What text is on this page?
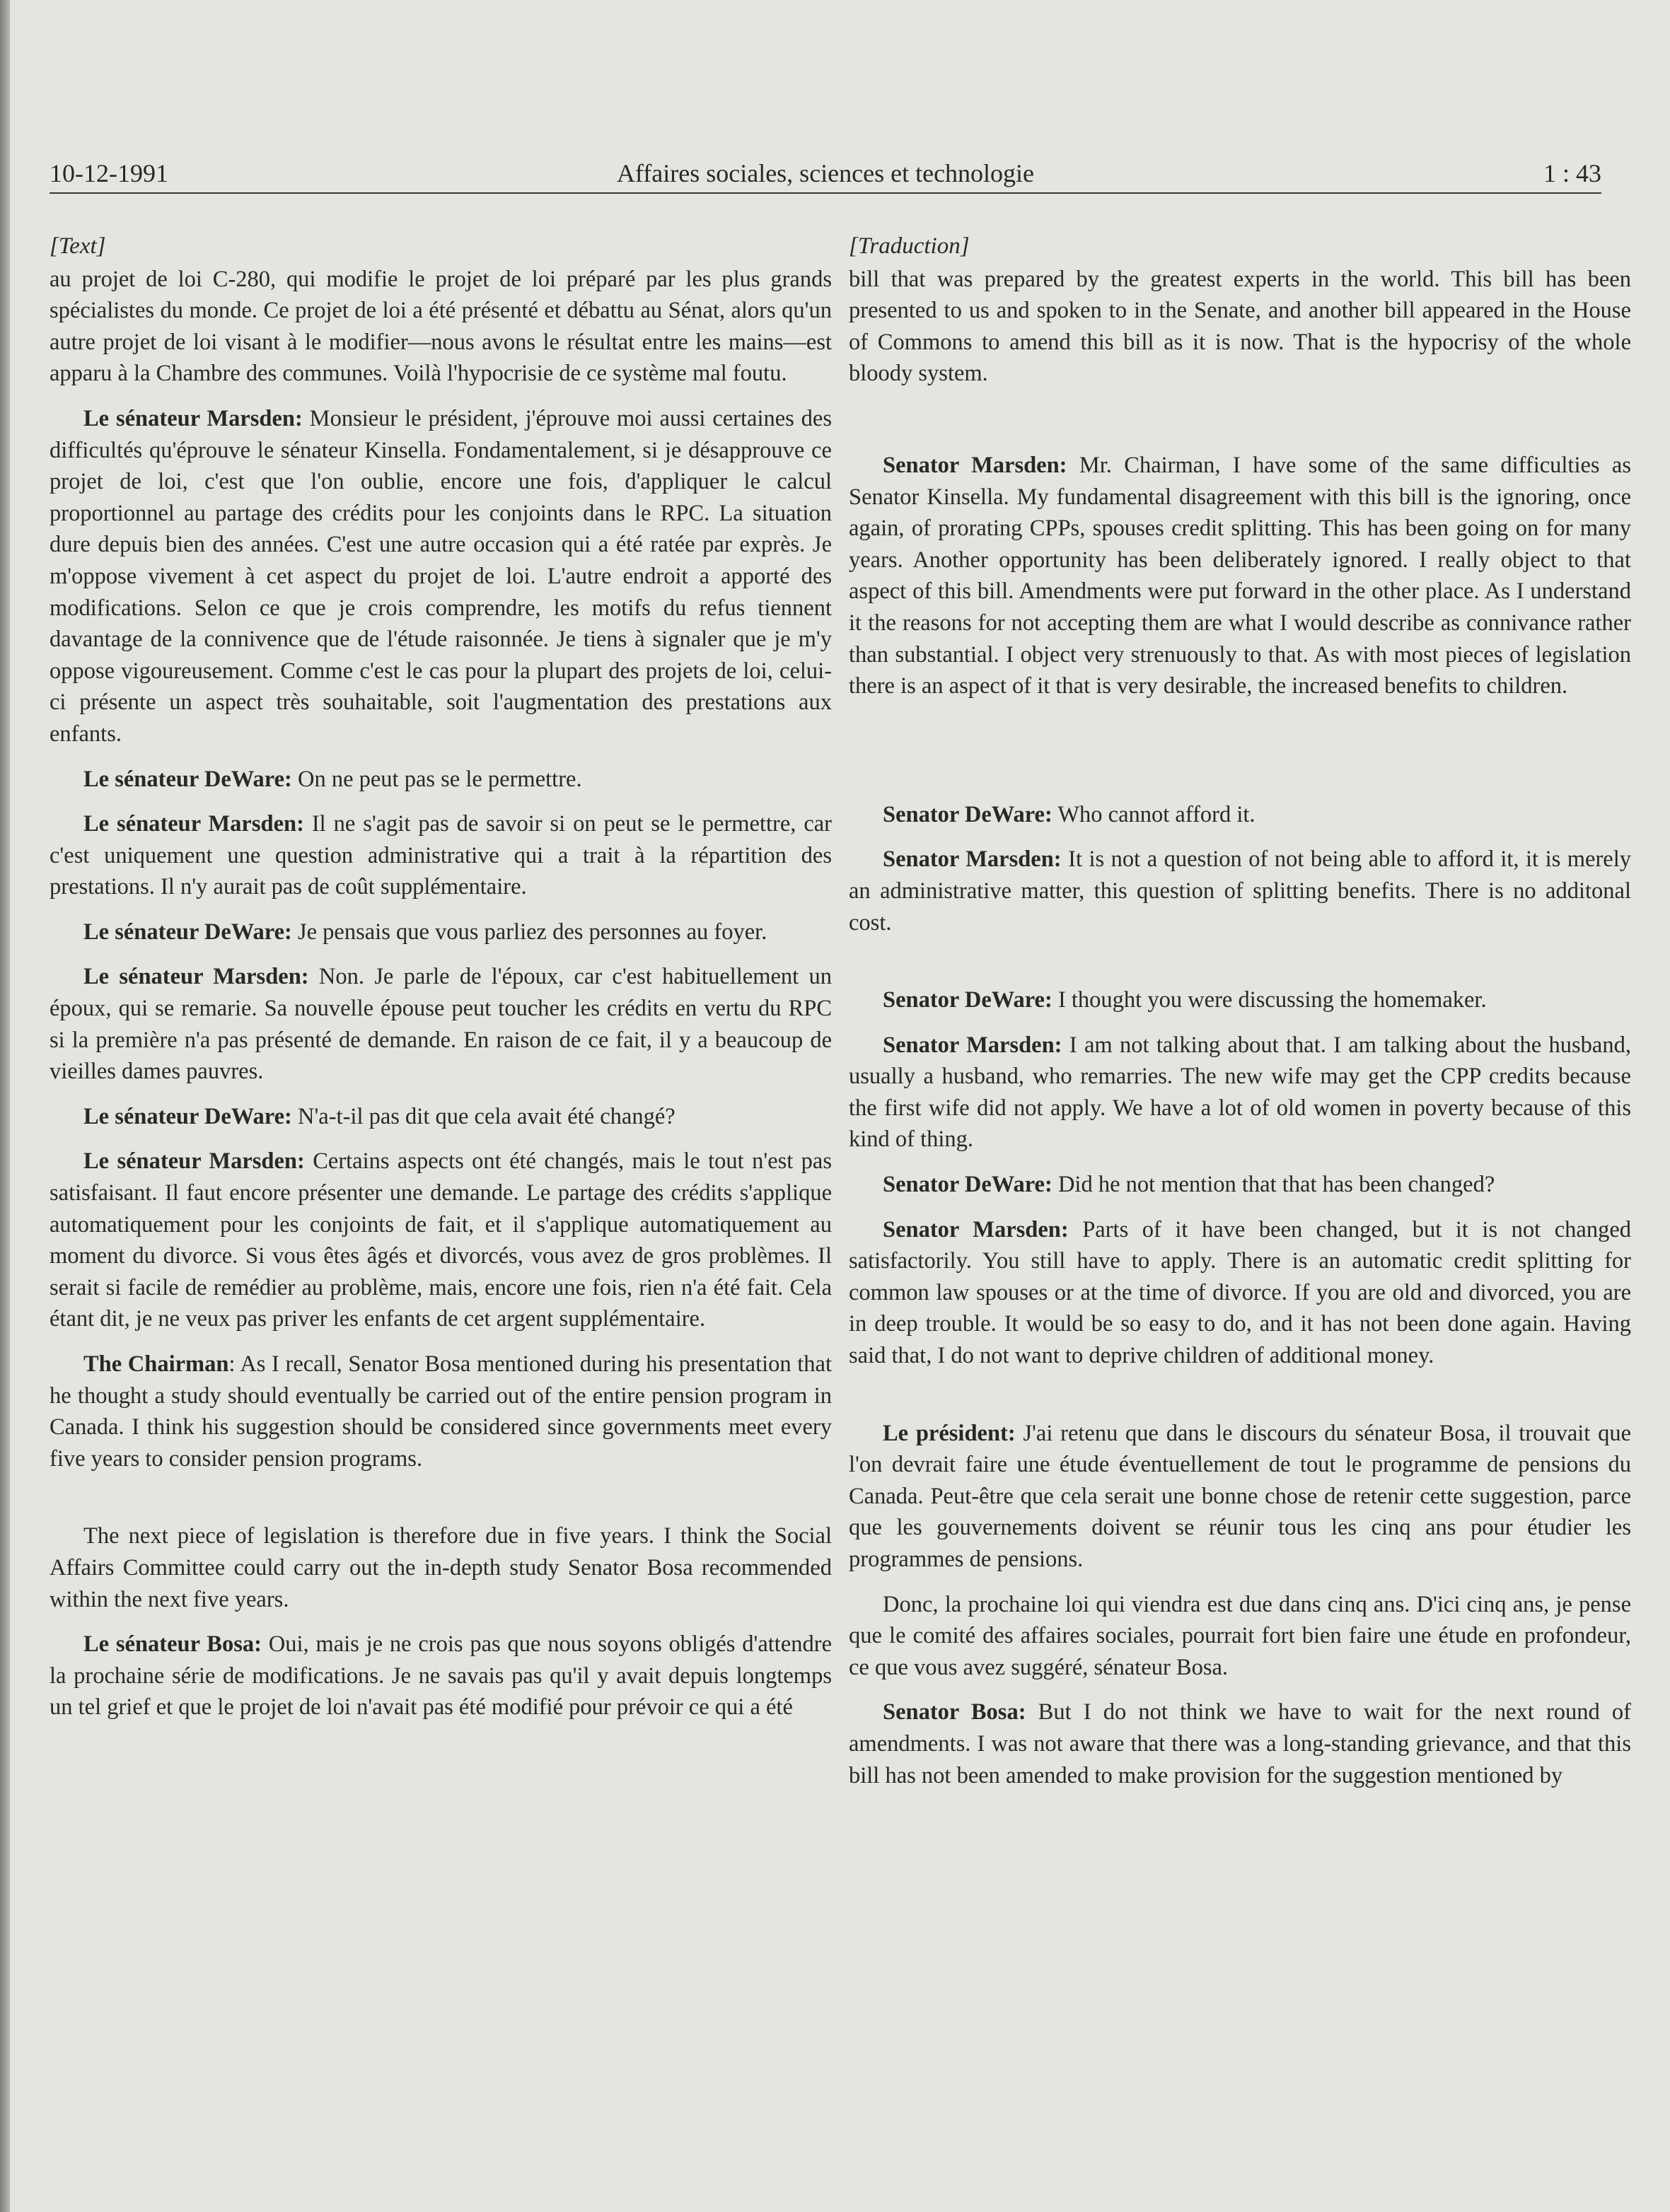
10-12-1991	Affaires sociales, sciences et technologie	1 : 43
[Text]

au projet de loi C-280, qui modifie le projet de loi préparé par les plus grands spécialistes du monde. Ce projet de loi a été présenté et débattu au Sénat, alors qu'un autre projet de loi visant à le modifier—nous avons le résultat entre les mains—est apparu à la Chambre des communes. Voilà l'hypocrisie de ce système mal foutu.

Le sénateur Marsden: Monsieur le président, j'éprouve moi aussi certaines des difficultés qu'éprouve le sénateur Kinsella. Fondamentalement, si je désapprouve ce projet de loi, c'est que l'on oublie, encore une fois, d'appliquer le calcul proportionnel au partage des crédits pour les conjoints dans le RPC. La situation dure depuis bien des années. C'est une autre occasion qui a été ratée par exprès. Je m'oppose vivement à cet aspect du projet de loi. L'autre endroit a apporté des modifications. Selon ce que je crois comprendre, les motifs du refus tiennent davantage de la connivence que de l'étude raisonnée. Je tiens à signaler que je m'y oppose vigoureusement. Comme c'est le cas pour la plupart des projets de loi, celui-ci présente un aspect très souhaitable, soit l'augmentation des prestations aux enfants.

Le sénateur DeWare: On ne peut pas se le permettre.

Le sénateur Marsden: Il ne s'agit pas de savoir si on peut se le permettre, car c'est uniquement une question administrative qui a trait à la répartition des prestations. Il n'y aurait pas de coût supplémentaire.

Le sénateur DeWare: Je pensais que vous parliez des personnes au foyer.

Le sénateur Marsden: Non. Je parle de l'époux, car c'est habituellement un époux, qui se remarie. Sa nouvelle épouse peut toucher les crédits en vertu du RPC si la première n'a pas présenté de demande. En raison de ce fait, il y a beaucoup de vieilles dames pauvres.

Le sénateur DeWare: N'a-t-il pas dit que cela avait été changé?

Le sénateur Marsden: Certains aspects ont été changés, mais le tout n'est pas satisfaisant. Il faut encore présenter une demande. Le partage des crédits s'applique automatiquement pour les conjoints de fait, et il s'applique automatiquement au moment du divorce. Si vous êtes âgés et divorcés, vous avez de gros problèmes. Il serait si facile de remédier au problème, mais, encore une fois, rien n'a été fait. Cela étant dit, je ne veux pas priver les enfants de cet argent supplémentaire.

The Chairman: As I recall, Senator Bosa mentioned during his presentation that he thought a study should eventually be carried out of the entire pension program in Canada. I think his suggestion should be considered since governments meet every five years to consider pension programs.

The next piece of legislation is therefore due in five years. I think the Social Affairs Committee could carry out the in-depth study Senator Bosa recommended within the next five years.

Le sénateur Bosa: Oui, mais je ne crois pas que nous soyons obligés d'attendre la prochaine série de modifications. Je ne savais pas qu'il y avait depuis longtemps un tel grief et que le projet de loi n'avait pas été modifié pour prévoir ce qui a été

[Traduction]

bill that was prepared by the greatest experts in the world. This bill has been presented to us and spoken to in the Senate, and another bill appeared in the House of Commons to amend this bill as it is now. That is the hypocrisy of the whole bloody system.

Senator Marsden: Mr. Chairman, I have some of the same difficulties as Senator Kinsella. My fundamental disagreement with this bill is the ignoring, once again, of prorating CPPs, spouses credit splitting. This has been going on for many years. Another opportunity has been deliberately ignored. I really object to that aspect of this bill. Amendments were put forward in the other place. As I understand it the reasons for not accepting them are what I would describe as connivance rather than substantial. I object very strenuously to that. As with most pieces of legislation there is an aspect of it that is very desirable, the increased benefits to children.

Senator DeWare: Who cannot afford it.

Senator Marsden: It is not a question of not being able to afford it, it is merely an administrative matter, this question of splitting benefits. There is no additonal cost.

Senator DeWare: I thought you were discussing the homemaker.

Senator Marsden: I am not talking about that. I am talking about the husband, usually a husband, who remarries. The new wife may get the CPP credits because the first wife did not apply. We have a lot of old women in poverty because of this kind of thing.

Senator DeWare: Did he not mention that that has been changed?

Senator Marsden: Parts of it have been changed, but it is not changed satisfactorily. You still have to apply. There is an automatic credit splitting for common law spouses or at the time of divorce. If you are old and divorced, you are in deep trouble. It would be so easy to do, and it has not been done again. Having said that, I do not want to deprive children of additional money.

Le président: J'ai retenu que dans le discours du sénateur Bosa, il trouvait que l'on devrait faire une étude éventuellement de tout le programme de pensions du Canada. Peut-être que cela serait une bonne chose de retenir cette suggestion, parce que les gouvernements doivent se réunir tous les cinq ans pour étudier les programmes de pensions.

Donc, la prochaine loi qui viendra est due dans cinq ans. D'ici cinq ans, je pense que le comité des affaires sociales, pourrait fort bien faire une étude en profondeur, ce que vous avez suggéré, sénateur Bosa.

Senator Bosa: But I do not think we have to wait for the next round of amendments. I was not aware that there was a long-standing grievance, and that this bill has not been amended to make provision for the suggestion mentioned by
